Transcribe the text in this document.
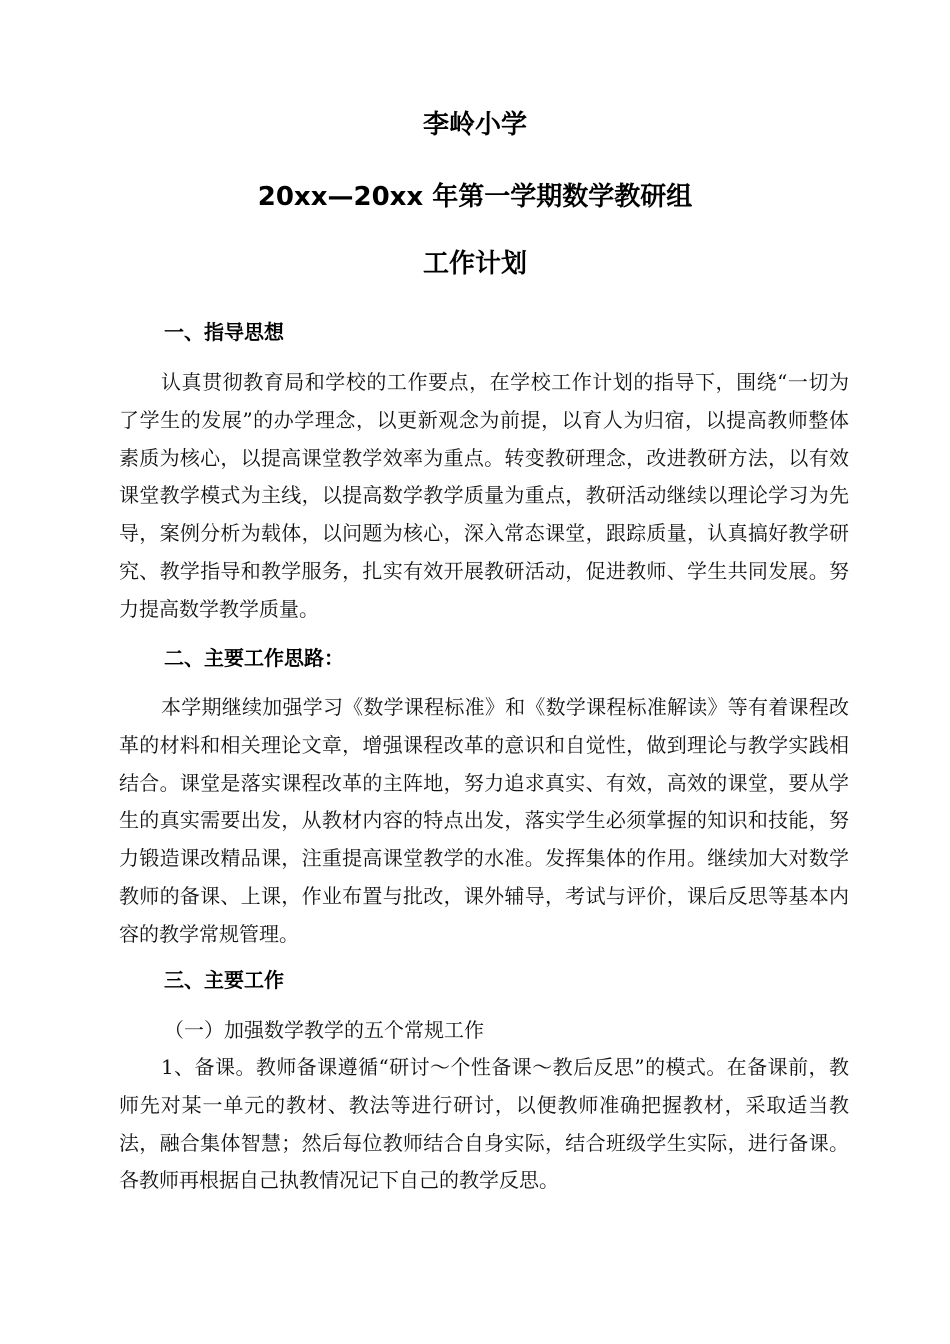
李岭小学
20xx—20xx 年第一学期数学教研组
工作计划
一、指导思想
认真贯彻教育局和学校的工作要点，在学校工作计划的指导下，围绕“一切为了学生的发展”的办学理念，以更新观念为前提，以育人为归宿，以提高教师整体素质为核心，以提高课堂教学效率为重点。转变教研理念，改进教研方法，以有效课堂教学模式为主线，以提高数学教学质量为重点，教研活动继续以理论学习为先导，案例分析为载体，以问题为核心，深入常态课堂，跟踪质量，认真搞好教学研究、教学指导和教学服务，扎实有效开展教研活动，促进教师、学生共同发展。努力提高数学教学质量。
二、主要工作思路：
本学期继续加强学习《数学课程标准》和《数学课程标准解读》等有着课程改革的材料和相关理论文章，增强课程改革的意识和自觉性，做到理论与教学实践相结合。课堂是落实课程改革的主阵地，努力追求真实、有效，高效的课堂，要从学生的真实需要出发，从教材内容的特点出发，落实学生必须掌握的知识和技能，努力锻造课改精品课，注重提高课堂教学的水准。发挥集体的作用。继续加大对数学教师的备课、上课，作业布置与批改，课外辅导，考试与评价，课后反思等基本内容的教学常规管理。
三、主要工作
（一）加强数学教学的五个常规工作
1、备课。教师备课遵循“研讨～个性备课～教后反思”的模式。在备课前，教师先对某一单元的教材、教法等进行研讨，以便教师准确把握教材，采取适当教法，融合集体智慧；然后每位教师结合自身实际，结合班级学生实际，进行备课。各教师再根据自己执教情况记下自己的教学反思。
